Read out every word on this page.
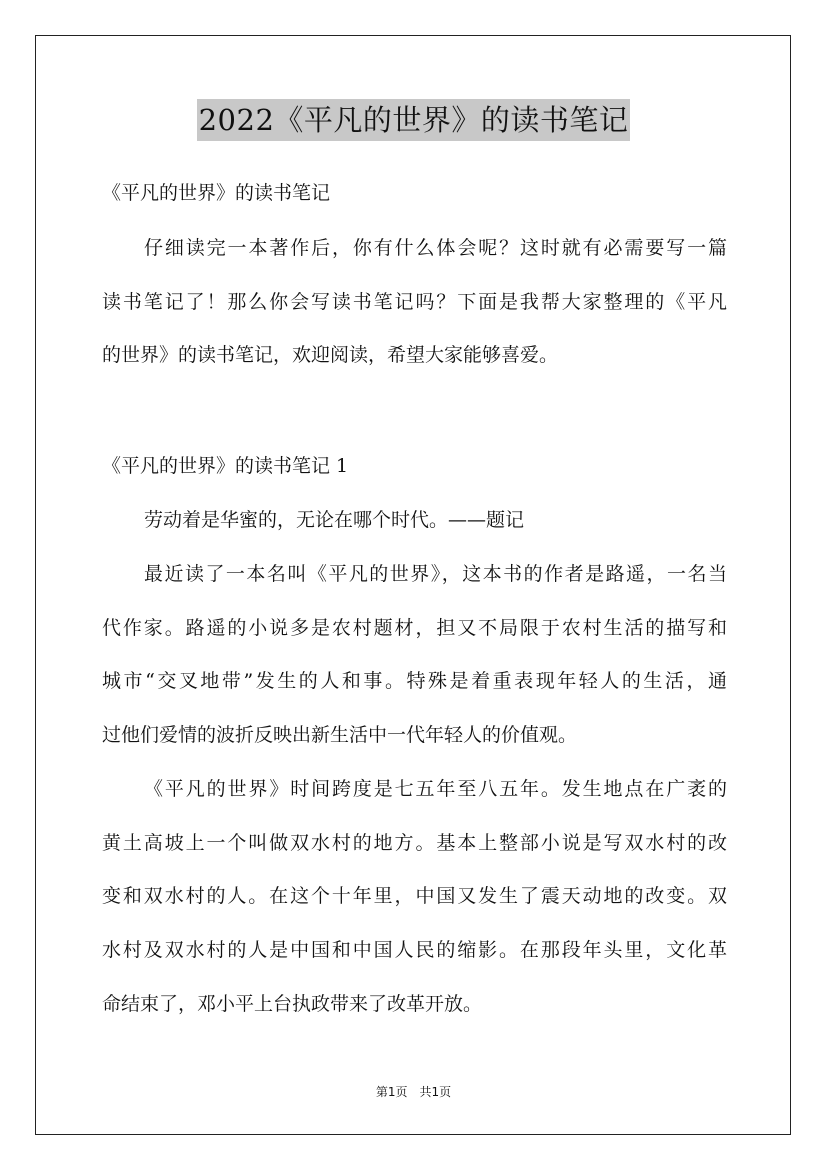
2022《平凡的世界》的读书笔记
《平凡的世界》的读书笔记
仔细读完一本著作后，你有什么体会呢？这时就有必需要写一篇
读书笔记了！那么你会写读书笔记吗？下面是我帮大家整理的《平凡
的世界》的读书笔记，欢迎阅读，希望大家能够喜爱。
《平凡的世界》的读书笔记 1
劳动着是华蜜的，无论在哪个时代。——题记
最近读了一本名叫《平凡的世界》，这本书的作者是路遥，一名当
代作家。路遥的小说多是农村题材，担又不局限于农村生活的描写和
城市“交叉地带”发生的人和事。特殊是着重表现年轻人的生活，通
过他们爱情的波折反映出新生活中一代年轻人的价值观。
《平凡的世界》时间跨度是七五年至八五年。发生地点在广袤的
黄土高坡上一个叫做双水村的地方。基本上整部小说是写双水村的改
变和双水村的人。在这个十年里，中国又发生了震天动地的改变。双
水村及双水村的人是中国和中国人民的缩影。在那段年头里，文化革
命结束了，邓小平上台执政带来了改革开放。
第1页　共1页
